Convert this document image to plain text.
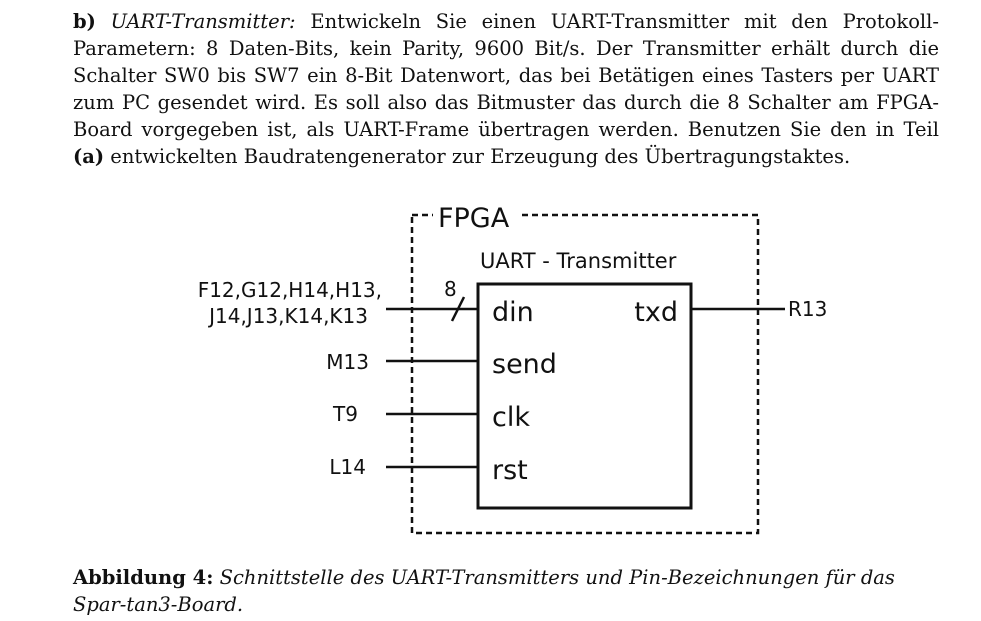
b) UART-Transmitter: Entwickeln Sie einen UART-Transmitter mit den Protokoll-Parametern: 8 Daten-Bits, kein Parity, 9600 Bit/s. Der Transmitter erhält durch die Schalter SW0 bis SW7 ein 8-Bit Datenwort, das bei Betätigen eines Tasters per UART zum PC gesendet wird. Es soll also das Bitmuster das durch die 8 Schalter am FPGA-Board vorgegeben ist, als UART-Frame übertragen werden. Benutzen Sie den in Teil (a) entwickelten Baudratengenerator zur Erzeugung des Übertragungstaktes.
FPGA
UART - Transmitter
8
F12,G12,H14,H13,
J14,J13,K14,K13
M13
T9
L14
R13
din	txd
send
clk
rst
Abbildung 4: Schnittstelle des UART-Transmitters und Pin-Bezeichnungen für das Spar-tan3-Board.
